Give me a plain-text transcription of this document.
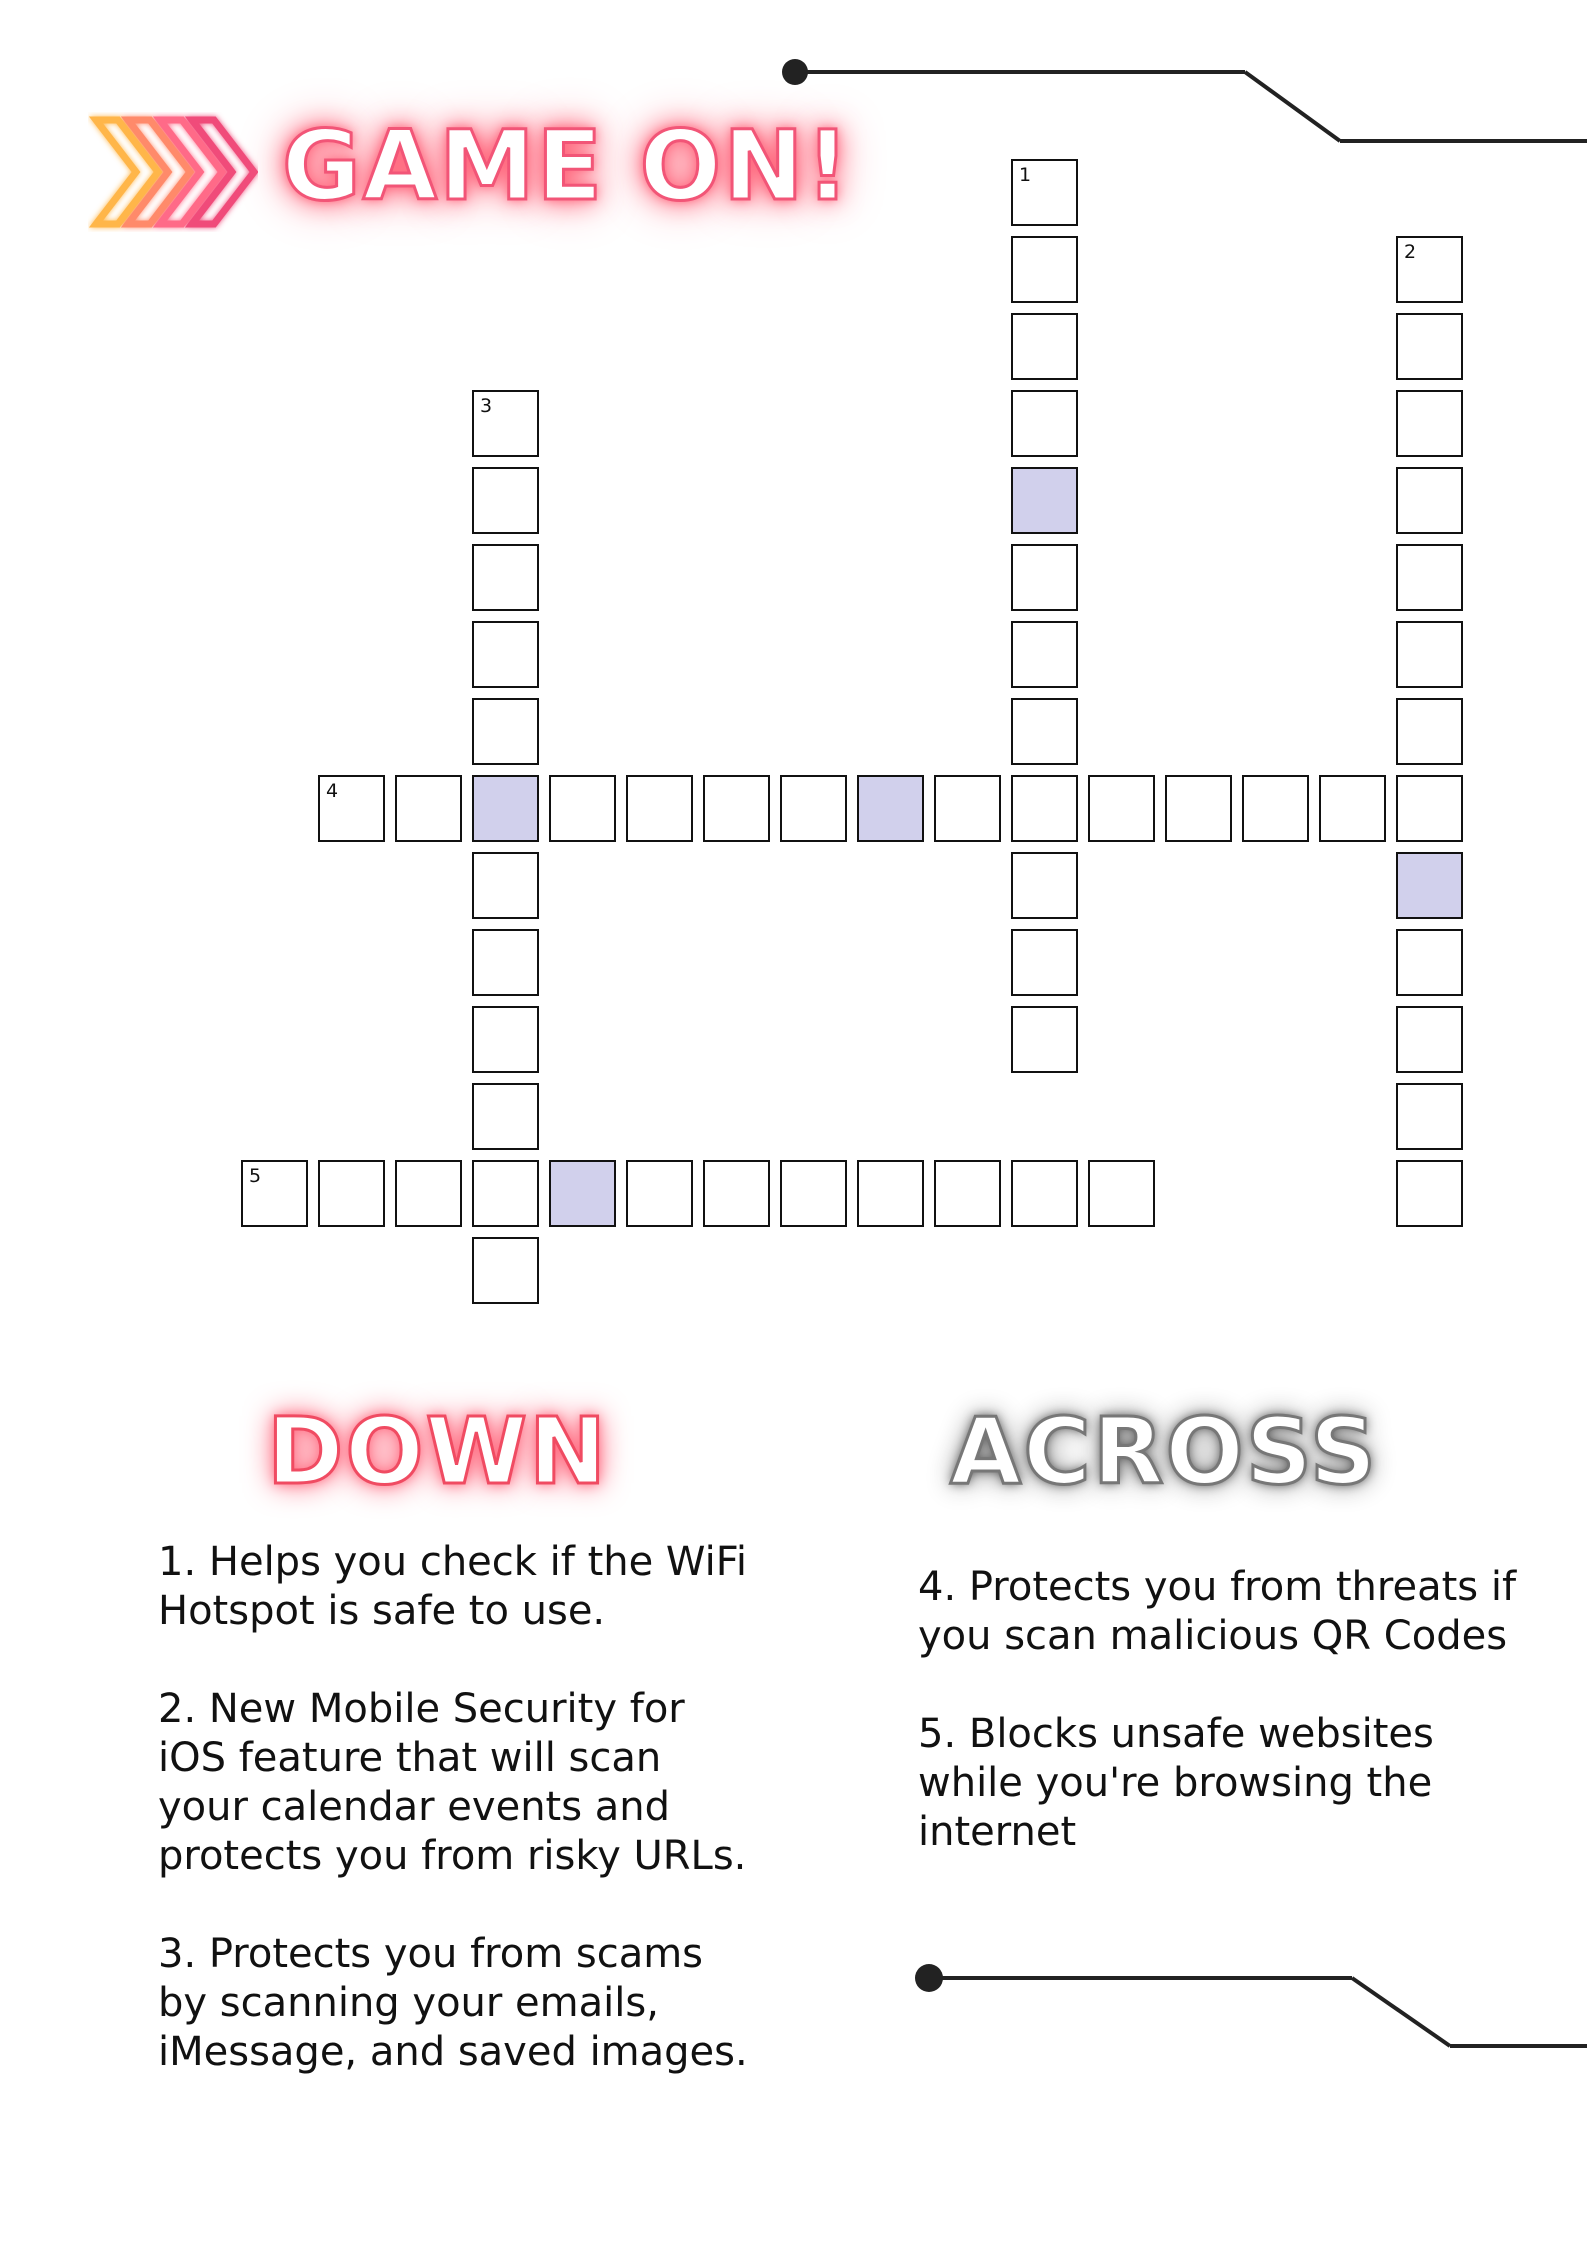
GAME ON!	1
2
3
4
5
DOWN
1. Helps you check if the WiFi Hotspot is safe to use.
2. New Mobile Security for iOS feature that will scan your calendar events and protects you from risky URLs.
3. Protects you from scams by scanning your emails, iMessage, and saved images.
ACROSS
4. Protects you from threats if you scan malicious QR Codes
5. Blocks unsafe websites while you're browsing the internet
